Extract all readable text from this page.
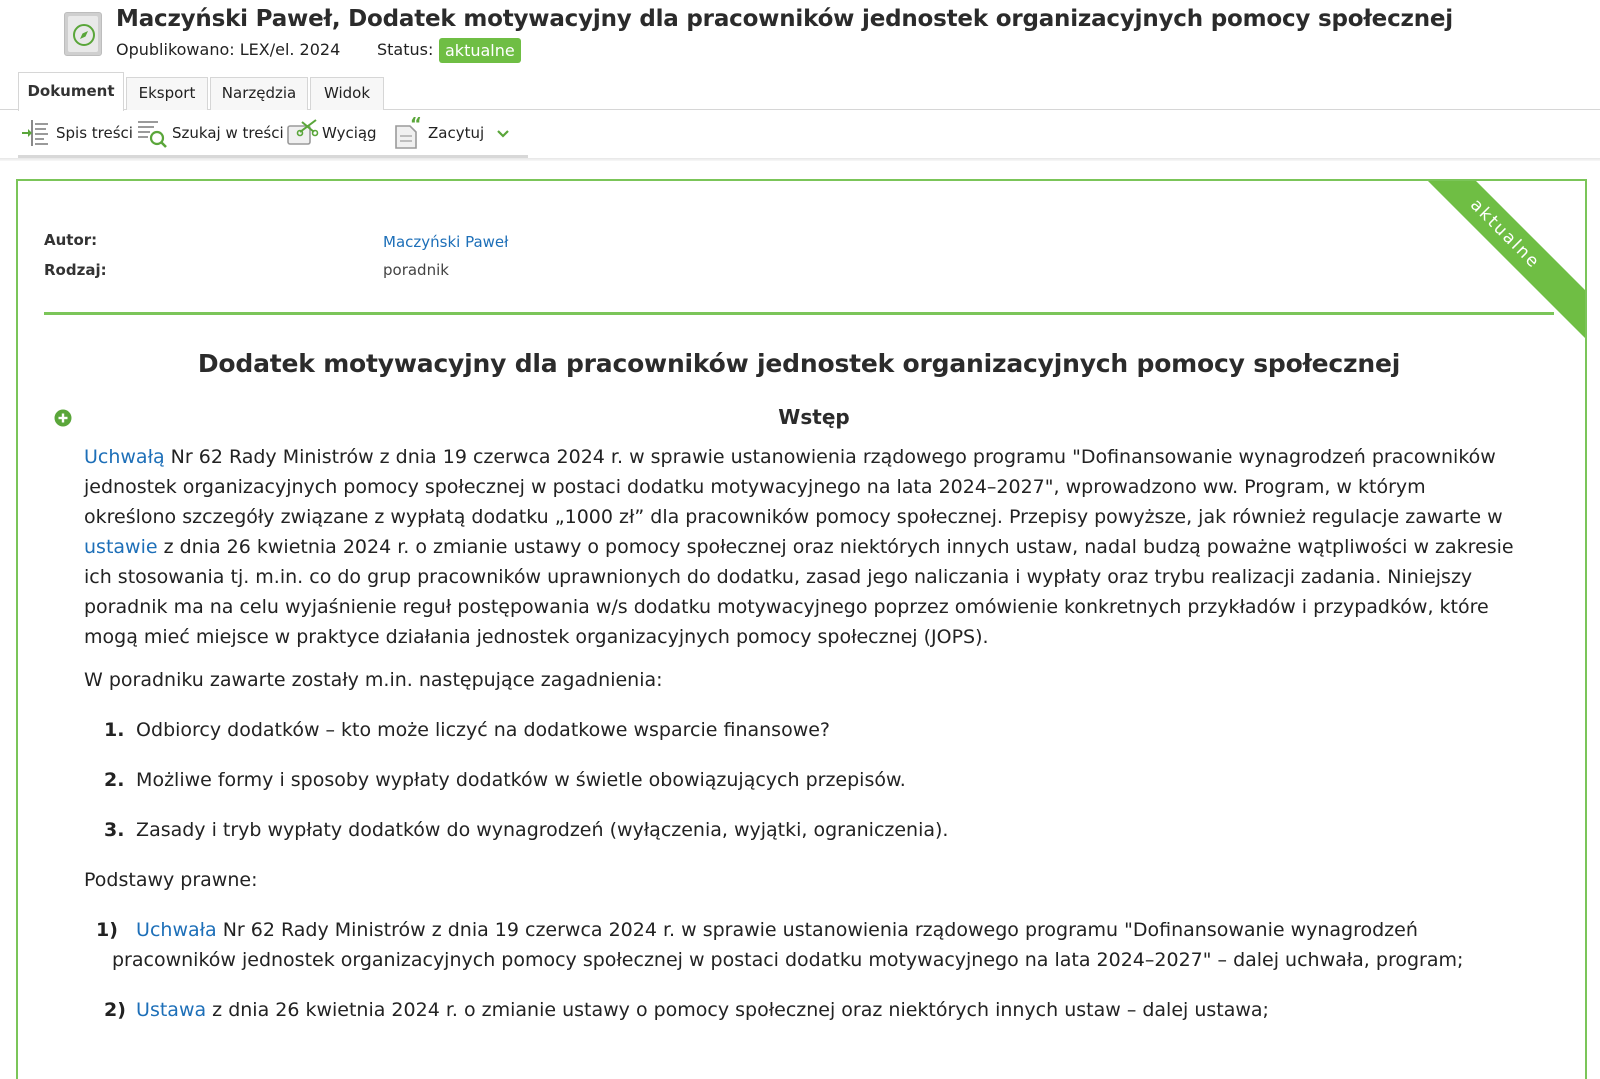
Maczyński Paweł, Dodatek motywacyjny dla pracowników jednostek organizacyjnych pomocy społecznej
Opublikowano: LEX/el. 2024 Status: aktualne
Dokument	Eksport	Narzędzia	Widok
Spis treści	Szukaj w treści	Wyciąg “ Zacytuj
aktualne
Autor:	Maczyński Paweł
Rodzaj:	poradnik
Dodatek motywacyjny dla pracowników jednostek organizacyjnych pomocy społecznej
Wstęp
Uchwałą Nr 62 Rady Ministrów z dnia 19 czerwca 2024 r. w sprawie ustanowienia rządowego programu "Dofinansowanie wynagrodzeń pracowników jednostek organizacyjnych pomocy społecznej w postaci dodatku motywacyjnego na lata 2024–2027", wprowadzono ww. Program, w którym określono szczegóły związane z wypłatą dodatku „1000 zł” dla pracowników pomocy społecznej. Przepisy powyższe, jak również regulacje zawarte w ustawie z dnia 26 kwietnia 2024 r. o zmianie ustawy o pomocy społecznej oraz niektórych innych ustaw, nadal budzą poważne wątpliwości w zakresie ich stosowania tj. m.in. co do grup pracowników uprawnionych do dodatku, zasad jego naliczania i wypłaty oraz trybu realizacji zadania. Niniejszy poradnik ma na celu wyjaśnienie reguł postępowania w/s dodatku motywacyjnego poprzez omówienie konkretnych przykładów i przypadków, które mogą mieć miejsce w praktyce działania jednostek organizacyjnych pomocy społecznej (JOPS).
W poradniku zawarte zostały m.in. następujące zagadnienia:
1. Odbiorcy dodatków – kto może liczyć na dodatkowe wsparcie finansowe?
2. Możliwe formy i sposoby wypłaty dodatków w świetle obowiązujących przepisów.
3. Zasady i tryb wypłaty dodatków do wynagrodzeń (wyłączenia, wyjątki, ograniczenia).
Podstawy prawne:
1) Uchwała Nr 62 Rady Ministrów z dnia 19 czerwca 2024 r. w sprawie ustanowienia rządowego programu "Dofinansowanie wynagrodzeń pracowników jednostek organizacyjnych pomocy społecznej w postaci dodatku motywacyjnego na lata 2024–2027" – dalej uchwała, program;
2) Ustawa z dnia 26 kwietnia 2024 r. o zmianie ustawy o pomocy społecznej oraz niektórych innych ustaw – dalej ustawa;
